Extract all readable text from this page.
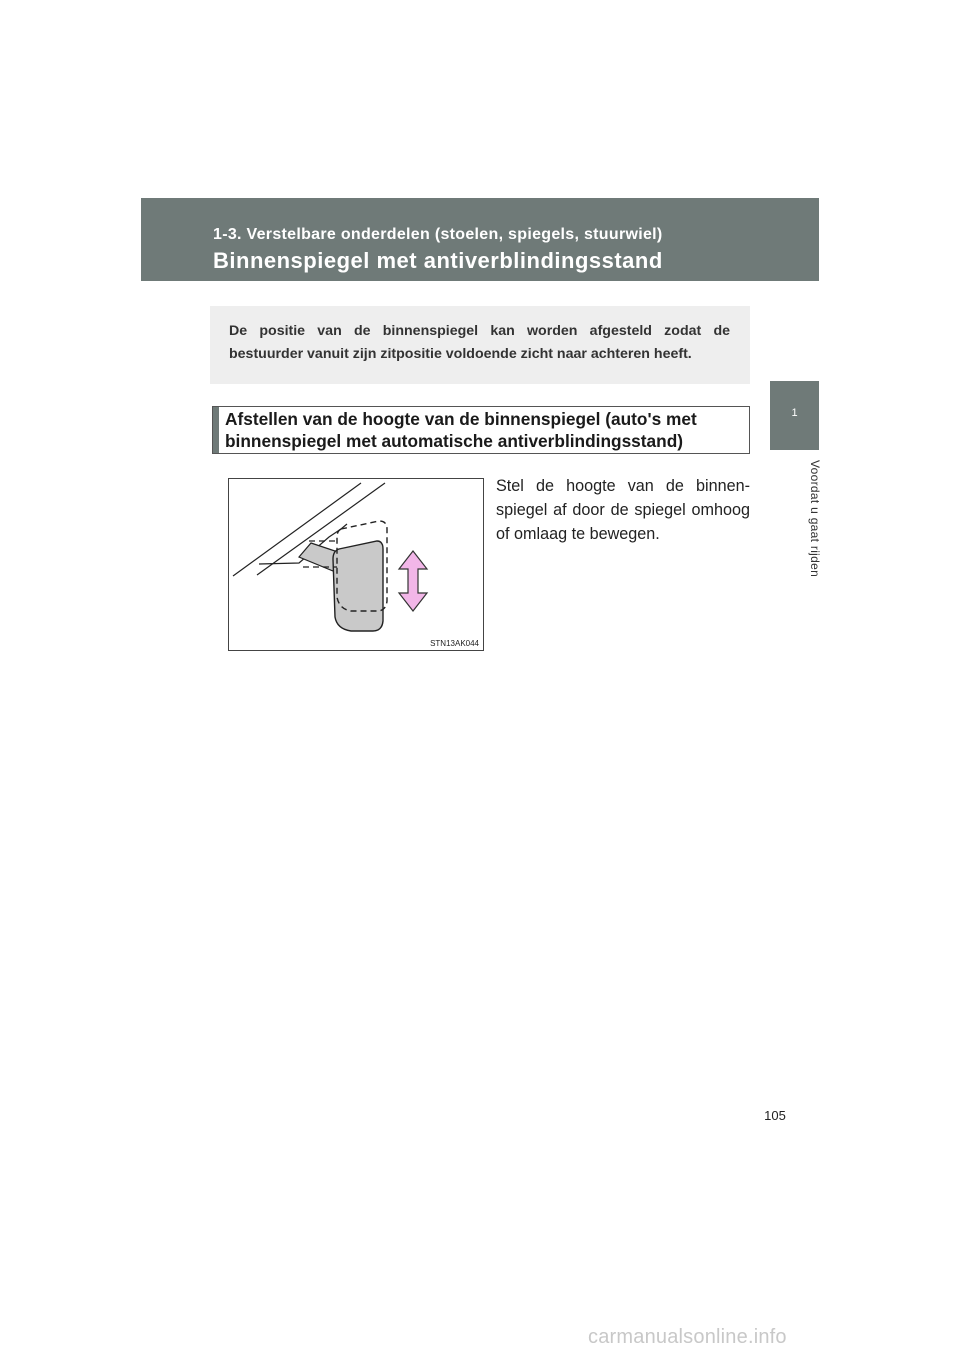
1-3. Verstelbare onderdelen (stoelen, spiegels, stuurwiel)
Binnenspiegel met antiverblindingsstand
1
Voordat u gaat rijden

De positie van de binnenspiegel kan worden afgesteld zodat de bestuurder vanuit zijn zitpositie voldoende zicht naar achteren heeft.

Afstellen van de hoogte van de binnenspiegel (auto's met
binnenspiegel met automatische antiverblindingsstand)
STN13AK044

Stel de hoogte van de binnen- spiegel af door de spiegel omhoog of omlaag te bewegen.

105
carmanualsonline.info
